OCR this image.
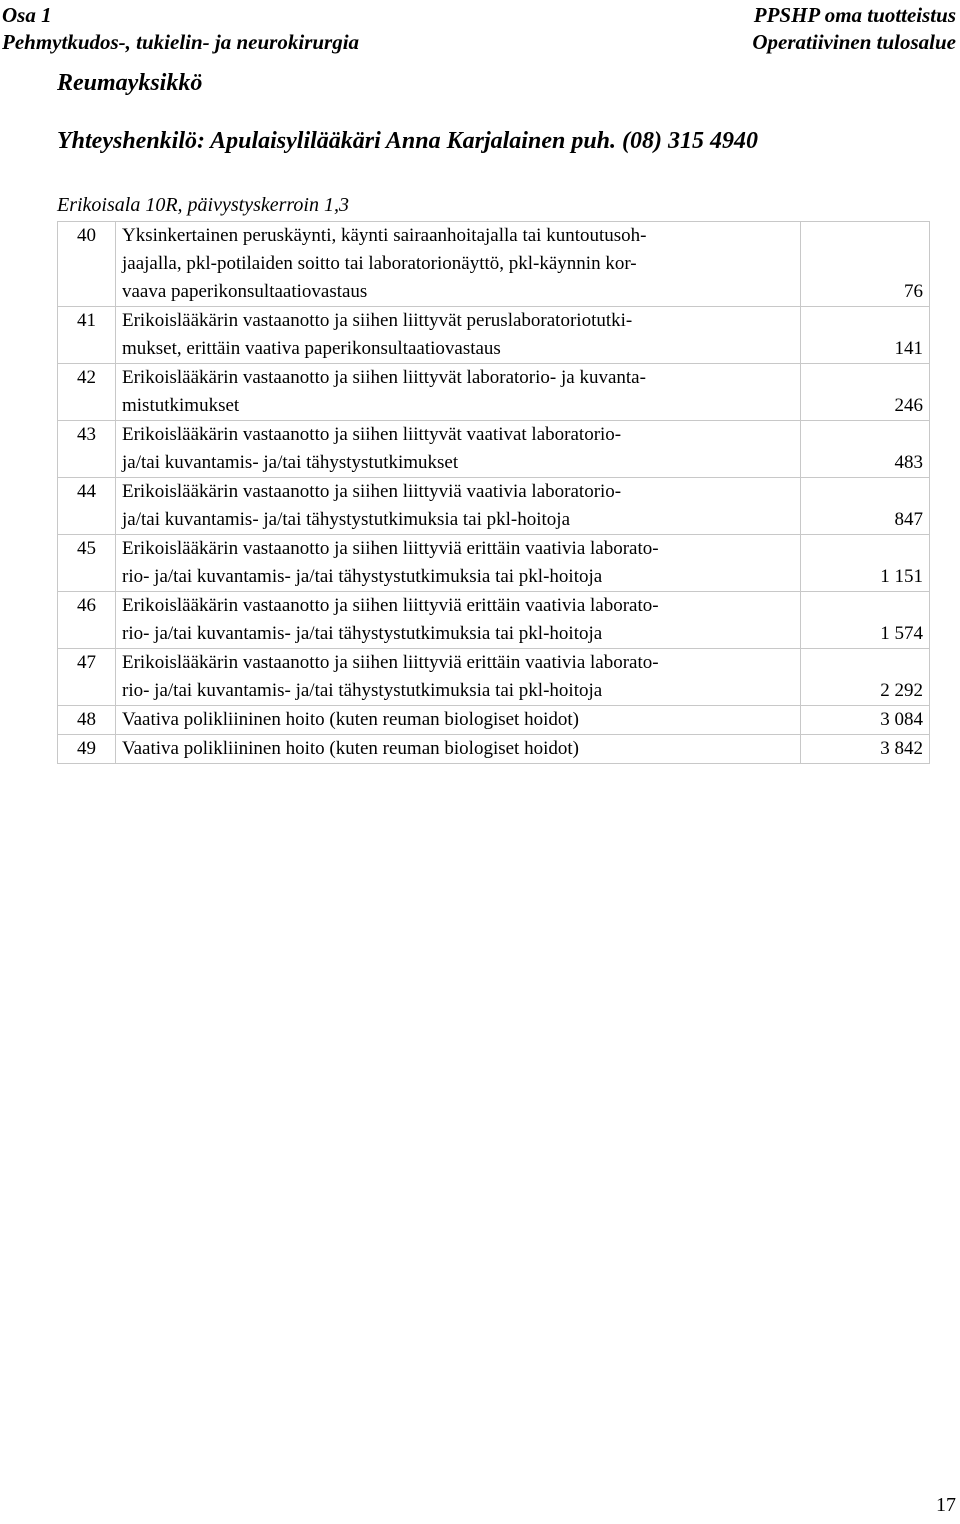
Osa 1
Pehmytkudos-, tukielin- ja neurokirurgia
PPSHP oma tuotteistus
Operatiivinen tulosalue
Reumayksikkö
Yhteyshenkilö: Apulaisylilääkäri Anna Karjalainen puh. (08) 315 4940
Erikoisala 10R, päivystyskerroin 1,3
40	Yksinkertainen peruskäynti, käynti sairaanhoitajalla tai kuntoutusoh-
jaajalla, pkl-potilaiden soitto tai laboratorionäyttö, pkl-käynnin kor-
vaava paperikonsultaatiovastaus	76
41	Erikoislääkärin vastaanotto ja siihen liittyvät peruslaboratoriotutki-
mukset, erittäin vaativa paperikonsultaatiovastaus	141
42	Erikoislääkärin vastaanotto ja siihen liittyvät laboratorio- ja kuvanta-
mistutkimukset	246
43	Erikoislääkärin vastaanotto ja siihen liittyvät vaativat laboratorio-
ja/tai kuvantamis- ja/tai tähystystutkimukset	483
44	Erikoislääkärin vastaanotto ja siihen liittyviä vaativia laboratorio-
ja/tai kuvantamis- ja/tai tähystystutkimuksia tai pkl-hoitoja	847
45	Erikoislääkärin vastaanotto ja siihen liittyviä erittäin vaativia laborato-
rio- ja/tai kuvantamis- ja/tai tähystystutkimuksia tai pkl-hoitoja	1 151
46	Erikoislääkärin vastaanotto ja siihen liittyviä erittäin vaativia laborato-
rio- ja/tai kuvantamis- ja/tai tähystystutkimuksia tai pkl-hoitoja	1 574
47	Erikoislääkärin vastaanotto ja siihen liittyviä erittäin vaativia laborato-
rio- ja/tai kuvantamis- ja/tai tähystystutkimuksia tai pkl-hoitoja	2 292
48	Vaativa polikliininen hoito (kuten reuman biologiset hoidot)	3 084
49	Vaativa polikliininen hoito (kuten reuman biologiset hoidot)	3 842
17
